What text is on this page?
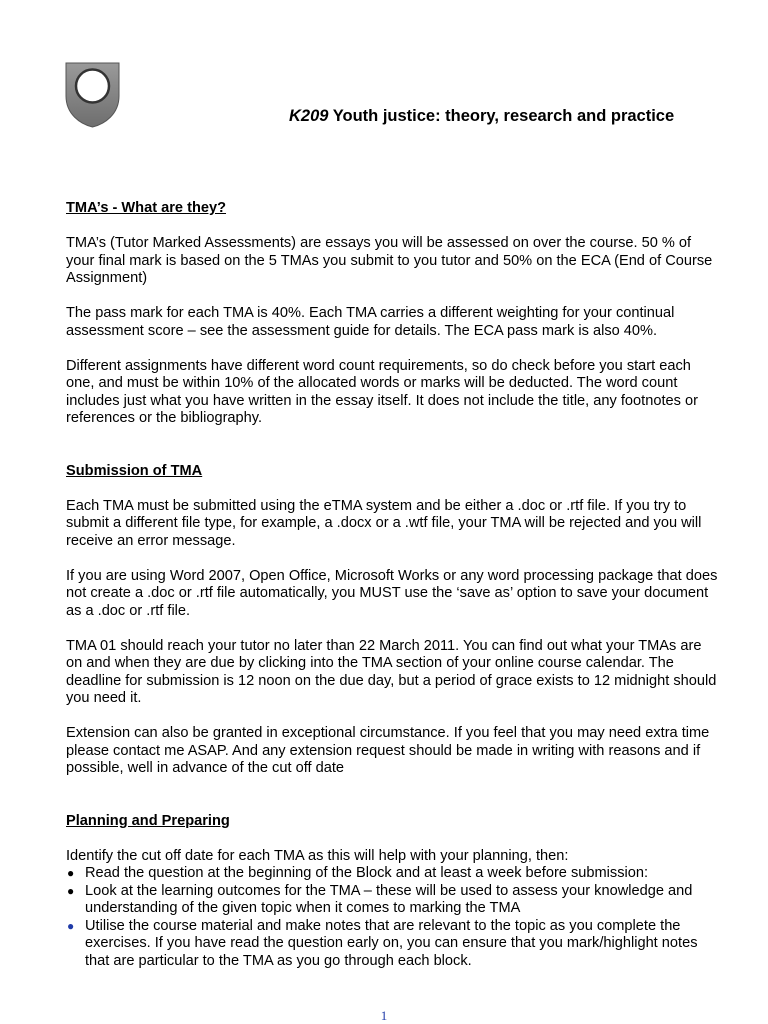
K209 Youth justice: theory, research and practice
TMA’s - What are they?

TMA’s (Tutor Marked Assessments) are essays you will be assessed on over the course. 50 % of your final mark is based on the 5 TMAs you submit to you tutor and 50% on the ECA (End of Course Assignment)

The pass mark for each TMA is 40%. Each TMA carries a different weighting for your continual assessment score – see the assessment guide for details. The ECA pass mark is also 40%.

Different assignments have different word count requirements, so do check before you start each one, and must be within 10% of the allocated words or marks will be deducted. The word count includes just what you have written in the essay itself. It does not include the title, any footnotes or references or the bibliography.

Submission of TMA

Each TMA must be submitted using the eTMA system and be either a .doc or .rtf file. If you try to submit a different file type, for example, a .docx or a .wtf file, your TMA will be rejected and you will receive an error message.

If you are using Word 2007, Open Office, Microsoft Works or any word processing package that does not create a .doc or .rtf file automatically, you MUST use the ‘save as’ option to save your document as a .doc or .rtf file.

TMA 01 should reach your tutor no later than 22 March 2011. You can find out what your TMAs are on and when they are due by clicking into the TMA section of your online course calendar. The deadline for submission is 12 noon on the due day, but a period of grace exists to 12 midnight should you need it.

Extension can also be granted in exceptional circumstance. If you feel that you may need extra time please contact me ASAP. And any extension request should be made in writing with reasons and if possible, well in advance of the cut off date

Planning and Preparing

Identify the cut off date for each TMA as this will help with your planning, then:

● Read the question at the beginning of the Block and at least a week before submission:
● Look at the learning outcomes for the TMA – these will be used to assess your knowledge and understanding of the given topic when it comes to marking the TMA
● Utilise the course material and make notes that are relevant to the topic as you complete the exercises. If you have read the question early on, you can ensure that you mark/highlight notes that are particular to the TMA as you go through each block.
1
